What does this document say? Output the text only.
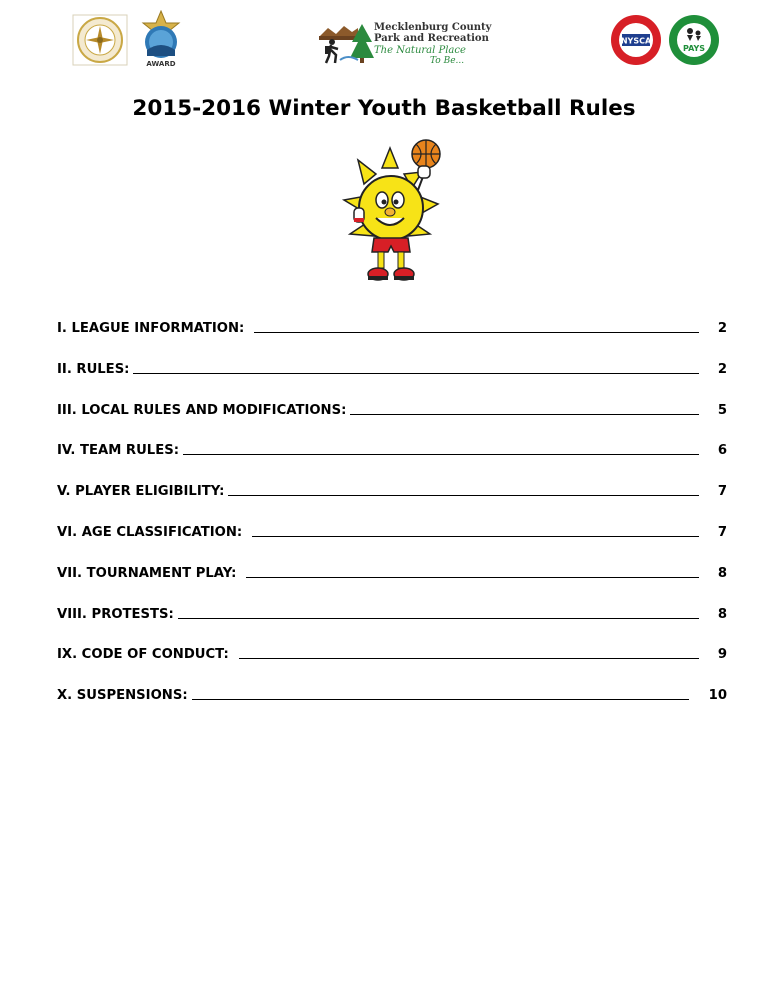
AWARD
Mecklenburg County
Park and Recreation
The Natural Place
To Be...
NYSCA
PAYS
2015-2016 Winter Youth Basketball Rules
I. LEAGUE INFORMATION:	2
II. RULES:	2
III. LOCAL RULES AND MODIFICATIONS:	5
IV. TEAM RULES:	6
V. PLAYER ELIGIBILITY:	7
VI. AGE CLASSIFICATION:	7
VII. TOURNAMENT PLAY:	8
VIII. PROTESTS:	8
IX. CODE OF CONDUCT:	9
X. SUSPENSIONS:	10
